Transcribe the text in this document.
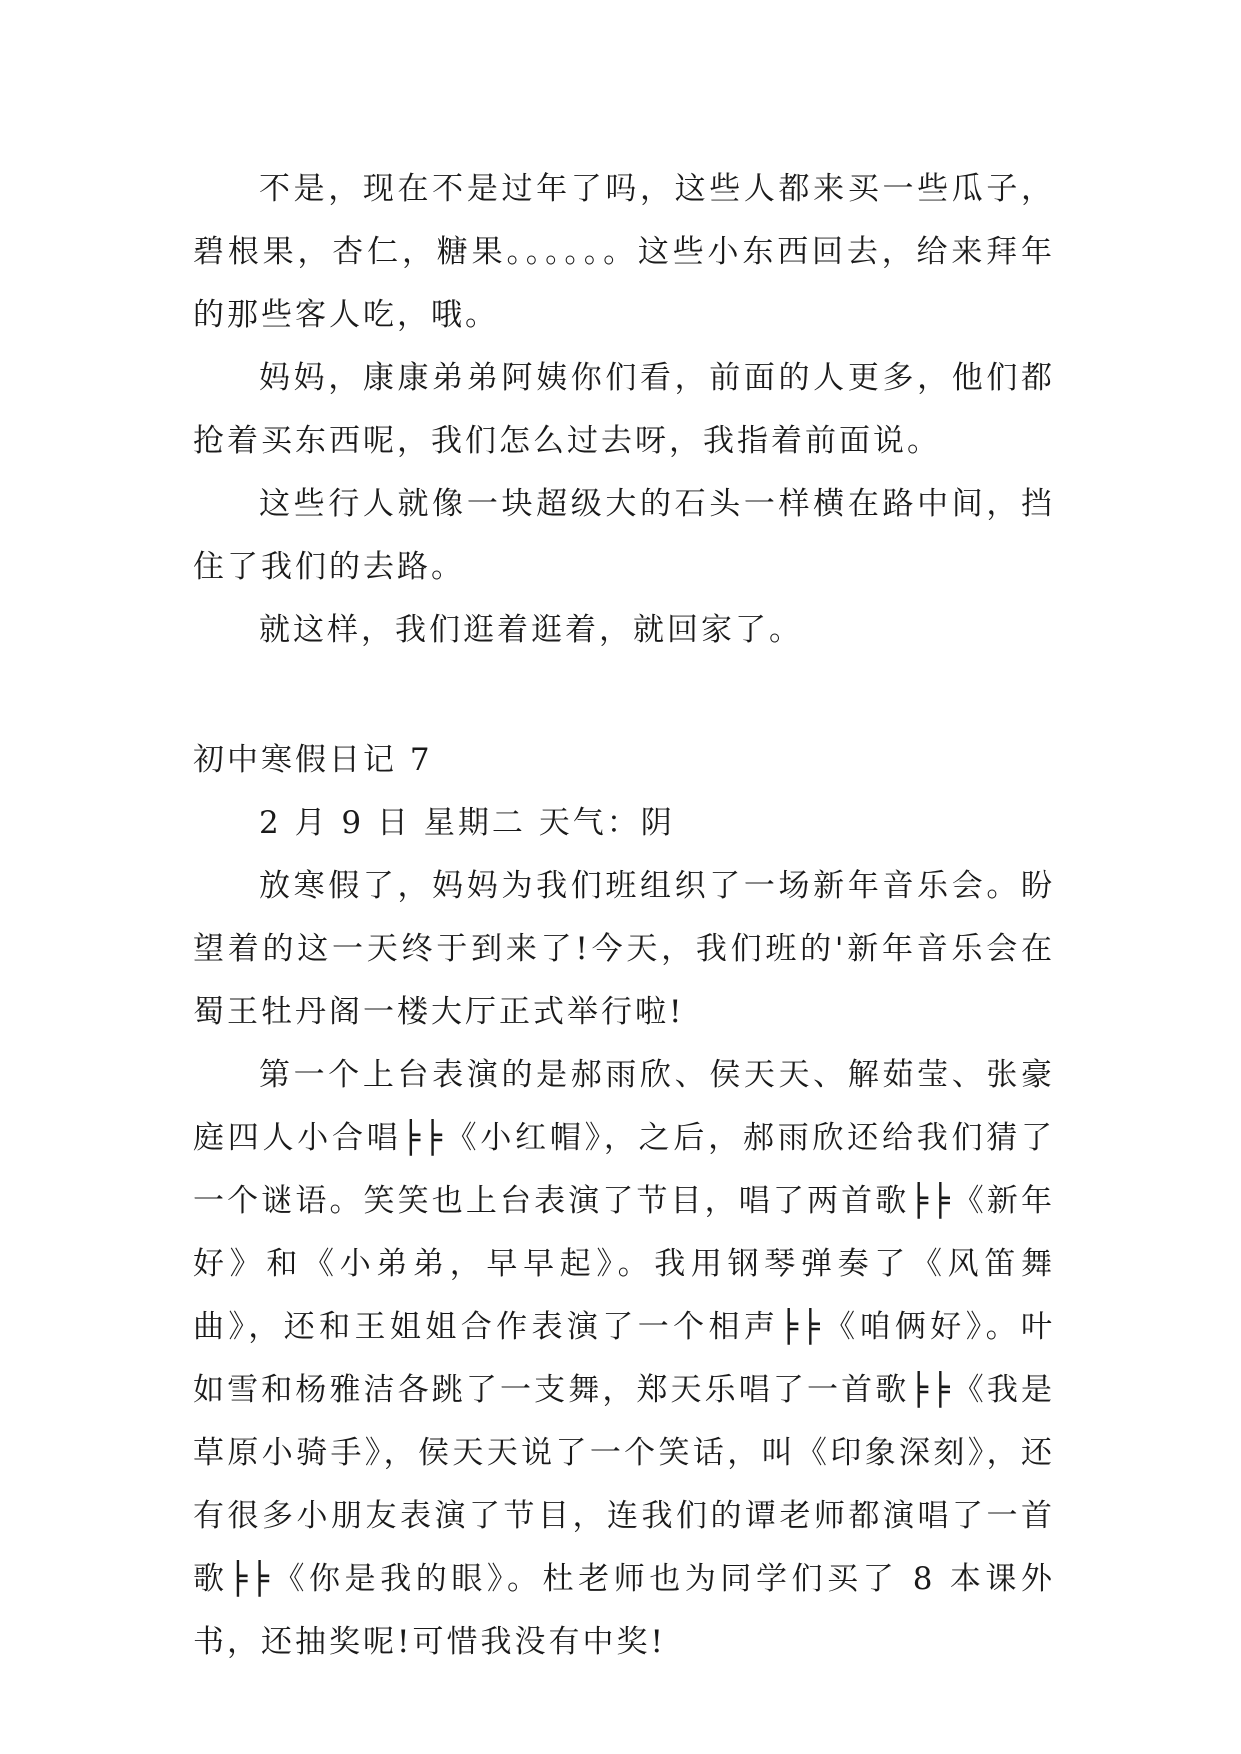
不是，现在不是过年了吗，这些人都来买一些瓜子，碧根果，杏仁，糖果。。。。。。这些小东西回去，给来拜年的那些客人吃，哦。

妈妈，康康弟弟阿姨你们看，前面的人更多，他们都抢着买东西呢，我们怎么过去呀，我指着前面说。

这些行人就像一块超级大的石头一样横在路中间，挡住了我们的去路。

就这样，我们逛着逛着，就回家了。

初中寒假日记 7

2 月 9 日 星期二 天气：阴

放寒假了，妈妈为我们班组织了一场新年音乐会。盼望着的这一天终于到来了!今天，我们班的'新年音乐会在蜀王牡丹阁一楼大厅正式举行啦!

第一个上台表演的是郝雨欣、侯天天、解茹莹、张豪庭四人小合唱╞╞《小红帽》，之后，郝雨欣还给我们猜了一个谜语。笑笑也上台表演了节目，唱了两首歌╞╞《新年好》和《小弟弟，早早起》。我用钢琴弹奏了《风笛舞曲》，还和王姐姐合作表演了一个相声╞╞《咱俩好》。叶如雪和杨雅洁各跳了一支舞，郑天乐唱了一首歌╞╞《我是草原小骑手》，侯天天说了一个笑话，叫《印象深刻》，还有很多小朋友表演了节目，连我们的谭老师都演唱了一首歌╞╞《你是我的眼》。杜老师也为同学们买了 8 本课外书，还抽奖呢!可惜我没有中奖!
